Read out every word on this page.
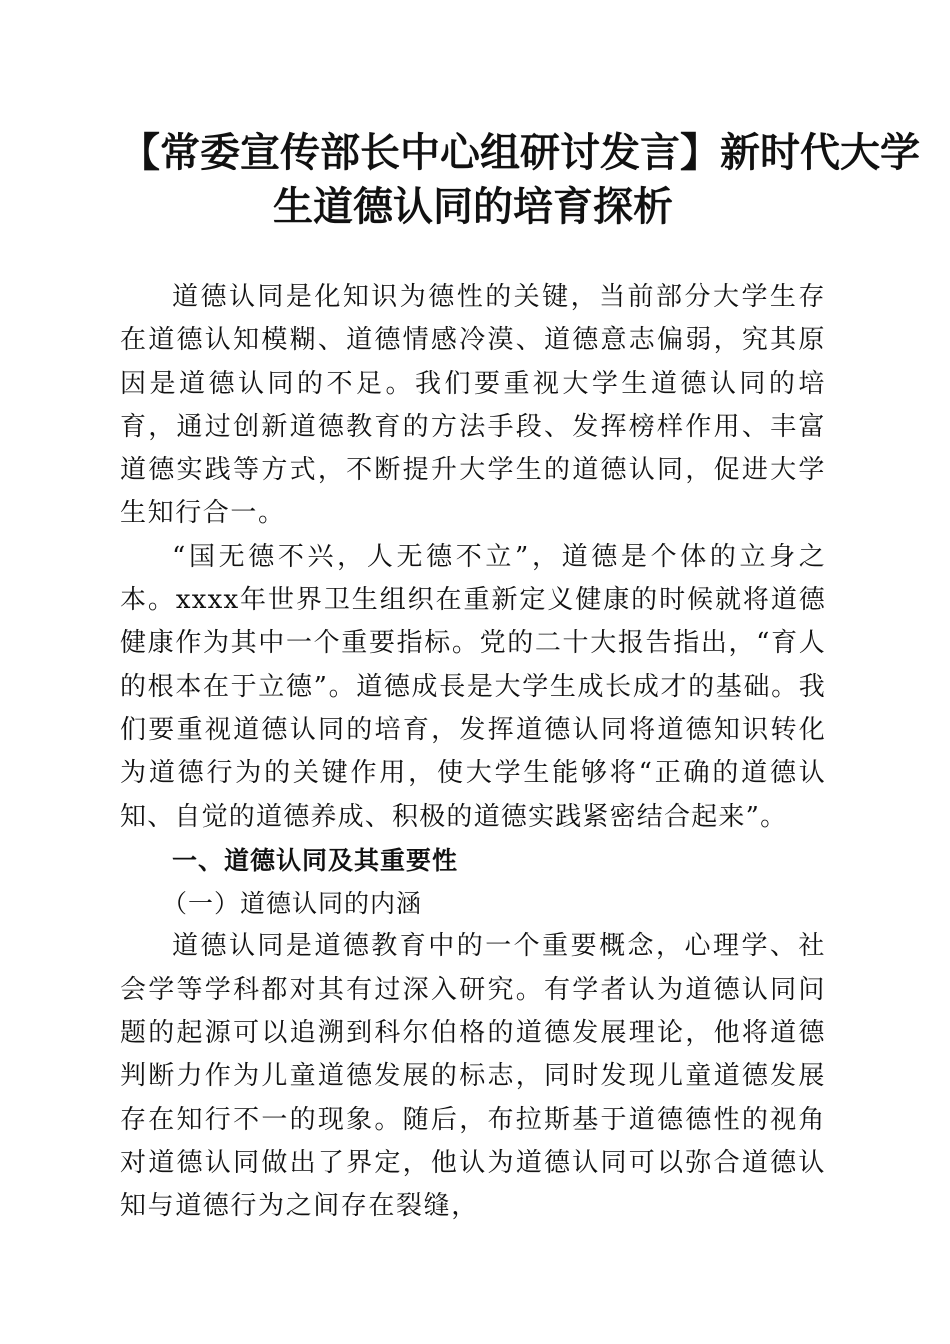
【常委宣传部长中心组研讨发言】新时代大学
生道德认同的培育探析

道德认同是化知识为德性的关键，当前部分大学生存在道德认知模糊、道德情感冷漠、道德意志偏弱，究其原因是道德认同的不足。我们要重视大学生道德认同的培育，通过创新道德教育的方法手段、发挥榜样作用、丰富道德实践等方式，不断提升大学生的道德认同，促进大学生知行合一。

“国无德不兴，人无德不立”，道德是个体的立身之本。xxxx年世界卫生组织在重新定义健康的时候就将道德健康作为其中一个重要指标。党的二十大报告指出，“育人的根本在于立德”。道德成長是大学生成长成才的基础。我们要重视道德认同的培育，发挥道德认同将道德知识转化为道德行为的关键作用，使大学生能够将“正确的道德认知、自觉的道德养成、积极的道德实践紧密结合起来”。

一、道德认同及其重要性

（一）道德认同的内涵

道德认同是道德教育中的一个重要概念，心理学、社会学等学科都对其有过深入研究。有学者认为道德认同问题的起源可以追溯到科尔伯格的道德发展理论，他将道德判断力作为儿童道德发展的标志，同时发现儿童道德发展存在知行不一的现象。随后，布拉斯基于道德德性的视角对道德认同做出了界定，他认为道德认同可以弥合道德认知与道德行为之间存在裂缝，
